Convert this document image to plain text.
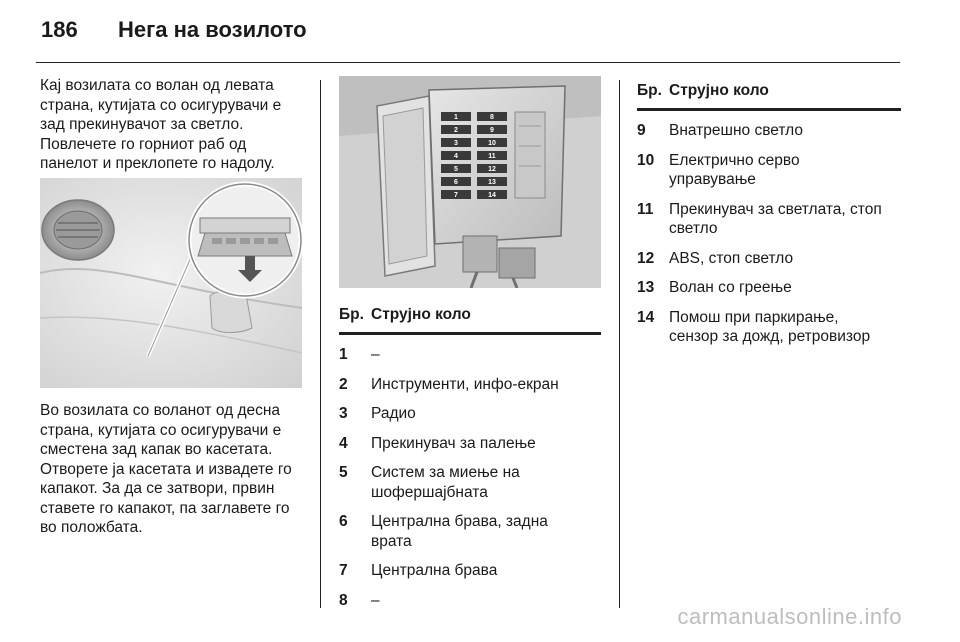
186 Нега на возилото

Кај возилата со волан од левата
страна, кутијата со осигурувачи е
зад прекинувачот за светло.
Повлечете го горниот раб од
панелот и преклопете го надолу.

Во возилата со воланот од десна
страна, кутијата со осигурувачи е
сместена зад капак во касетата.
Отворете ја касетата и извадете го
капакот. За да се затвори, првин
ставете го капакот, па заглавете го
во положбата.

1
2
3
4
5
6
7
8
9
10
11
12
13
14
Бр. Струјно коло
1	–
2	Инструменти, инфо-екран
3	Радио
4	Прекинувач за палење
5	Систем за миење на
шофершајбната
6	Централна брава, задна
врата
7	Централна брава
8	–
Бр. Струјно коло
9	Внатрешно светло
10 Електрично серво
управување
11	Прекинувач за светлата, стоп
светло
12 ABS, стоп светло
13 Волан со греење
14 Помош при паркирање,
сензор за дожд, ретровизор
carmanualsonline.info
